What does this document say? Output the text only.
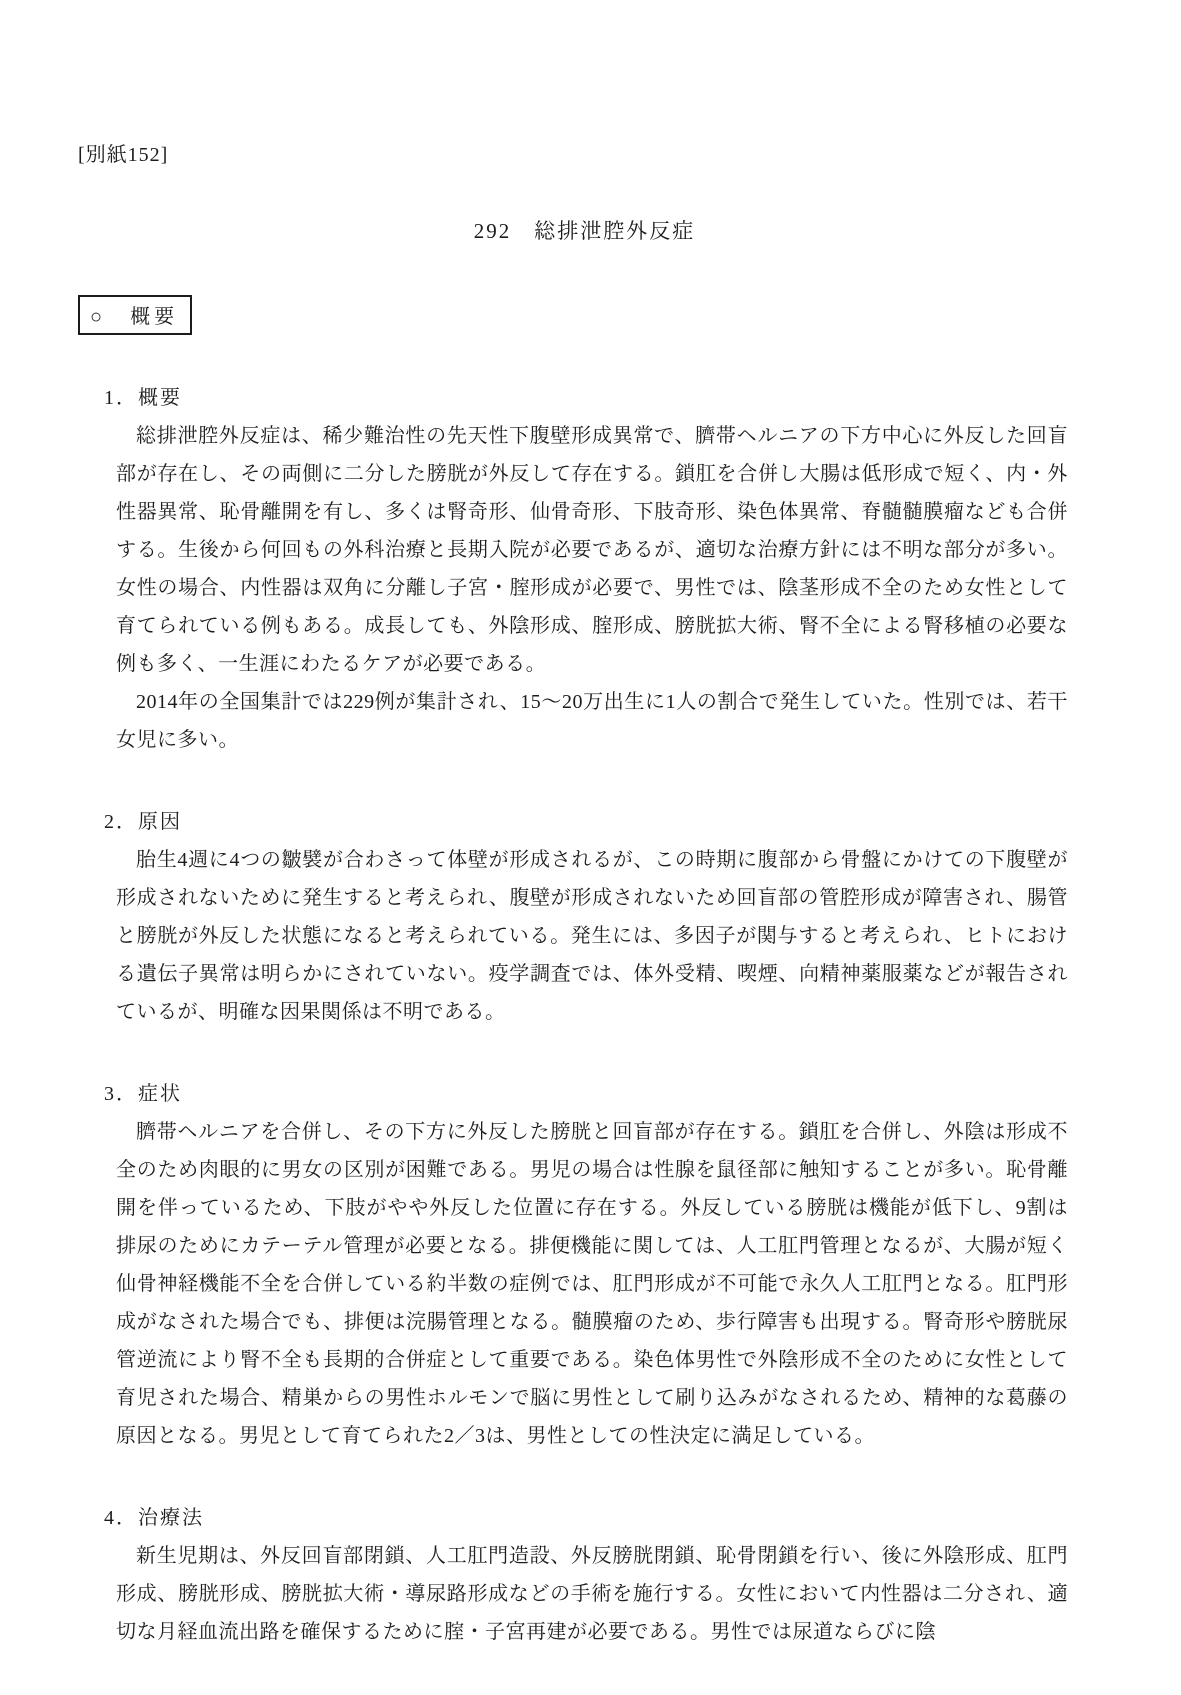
[別紙152]
292　総排泄腔外反症
○　概要
1．概要

総排泄腔外反症は、稀少難治性の先天性下腹壁形成異常で、臍帯ヘルニアの下方中心に外反した回盲部が存在し、その両側に二分した膀胱が外反して存在する。鎖肛を合併し大腸は低形成で短く、内・外性器異常、恥骨離開を有し、多くは腎奇形、仙骨奇形、下肢奇形、染色体異常、脊髄髄膜瘤なども合併する。生後から何回もの外科治療と長期入院が必要であるが、適切な治療方針には不明な部分が多い。女性の場合、内性器は双角に分離し子宮・腟形成が必要で、男性では、陰茎形成不全のため女性として育てられている例もある。成長しても、外陰形成、腟形成、膀胱拡大術、腎不全による腎移植の必要な例も多く、一生涯にわたるケアが必要である。

2014年の全国集計では229例が集計され、15～20万出生に1人の割合で発生していた。性別では、若干女児に多い。

2．原因

胎生4週に4つの皺襞が合わさって体壁が形成されるが、この時期に腹部から骨盤にかけての下腹壁が形成されないために発生すると考えられ、腹壁が形成されないため回盲部の管腔形成が障害され、腸管と膀胱が外反した状態になると考えられている。発生には、多因子が関与すると考えられ、ヒトにおける遺伝子異常は明らかにされていない。疫学調査では、体外受精、喫煙、向精神薬服薬などが報告されているが、明確な因果関係は不明である。

3．症状

臍帯ヘルニアを合併し、その下方に外反した膀胱と回盲部が存在する。鎖肛を合併し、外陰は形成不全のため肉眼的に男女の区別が困難である。男児の場合は性腺を鼠径部に触知することが多い。恥骨離開を伴っているため、下肢がやや外反した位置に存在する。外反している膀胱は機能が低下し、9割は排尿のためにカテーテル管理が必要となる。排便機能に関しては、人工肛門管理となるが、大腸が短く仙骨神経機能不全を合併している約半数の症例では、肛門形成が不可能で永久人工肛門となる。肛門形成がなされた場合でも、排便は浣腸管理となる。髄膜瘤のため、歩行障害も出現する。腎奇形や膀胱尿管逆流により腎不全も長期的合併症として重要である。染色体男性で外陰形成不全のために女性として育児された場合、精巣からの男性ホルモンで脳に男性として刷り込みがなされるため、精神的な葛藤の原因となる。男児として育てられた2／3は、男性としての性決定に満足している。

4．治療法

新生児期は、外反回盲部閉鎖、人工肛門造設、外反膀胱閉鎖、恥骨閉鎖を行い、後に外陰形成、肛門形成、膀胱形成、膀胱拡大術・導尿路形成などの手術を施行する。女性において内性器は二分され、適切な月経血流出路を確保するために腟・子宮再建が必要である。男性では尿道ならびに陰
